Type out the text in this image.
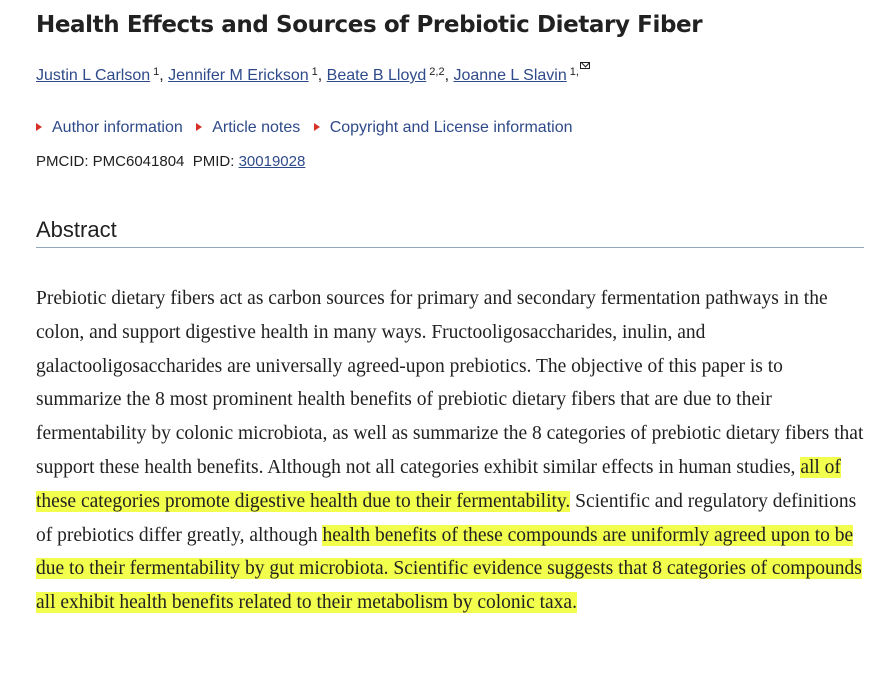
Health Effects and Sources of Prebiotic Dietary Fiber
Justin L Carlson $^1$, Jennifer M Erickson $^1$, Beate B Lloyd $^{2,2}$, Joanne L Slavin $^{1,}$
Author information Article notes Copyright and License information
PMCID: PMC6041804 PMID: 30019028
Abstract

Prebiotic dietary fibers act as carbon sources for primary and secondary fermentation pathways in the colon, and support digestive health in many ways. Fructooligosaccharides, inulin, and galactooligosaccharides are universally agreed-upon prebiotics. The objective of this paper is to summarize the 8 most prominent health benefits of prebiotic dietary fibers that are due to their fermentability by colonic microbiota, as well as summarize the 8 categories of prebiotic dietary fibers that support these health benefits. Although not all categories exhibit similar effects in human studies, all of these categories promote digestive health due to their fermentability. Scientific and regulatory definitions of prebiotics differ greatly, although health benefits of these compounds are uniformly agreed upon to be due to their fermentability by gut microbiota. Scientific evidence suggests that 8 categories of compounds all exhibit health benefits related to their metabolism by colonic taxa.
